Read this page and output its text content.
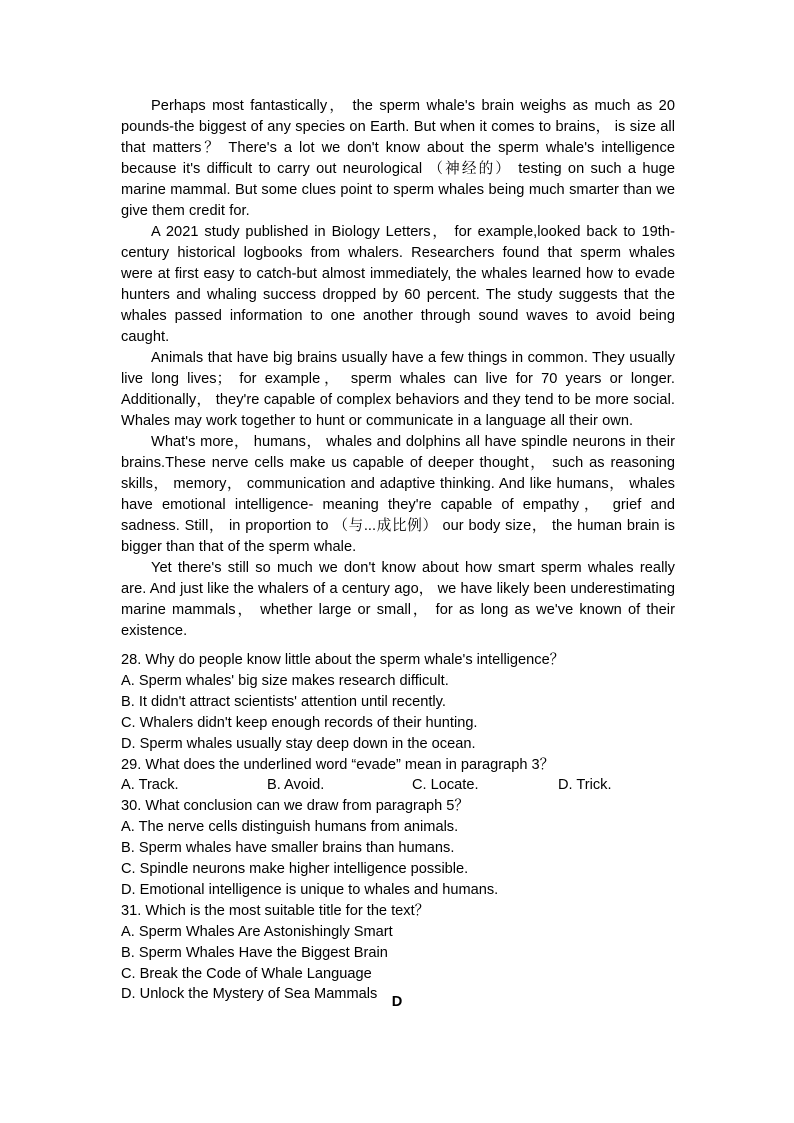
Perhaps most fantastically， the sperm whale's brain weighs as much as 20 pounds-the biggest of any species on Earth. But when it comes to brains， is size all that matters？ There's a lot we don't know about the sperm whale's intelligence because it's difficult to carry out neurological （神经的） testing on such a huge marine mammal. But some clues point to sperm whales being much smarter than we give them credit for.

A 2021 study published in Biology Letters， for example,looked back to 19th-century historical logbooks from whalers. Researchers found that sperm whales were at first easy to catch-but almost immediately, the whales learned how to evade hunters and whaling success dropped by 60 percent. The study suggests that the whales passed information to one another through sound waves to avoid being caught.

Animals that have big brains usually have a few things in common. They usually live long lives； for example， sperm whales can live for 70 years or longer. Additionally， they're capable of complex behaviors and they tend to be more social. Whales may work together to hunt or communicate in a language all their own.

What's more， humans， whales and dolphins all have spindle neurons in their brains.These nerve cells make us capable of deeper thought， such as reasoning skills， memory， communication and adaptive thinking. And like humans， whales have emotional intelligence- meaning they're capable of empathy， grief and sadness. Still， in proportion to （与...成比例） our body size， the human brain is bigger than that of the sperm whale.

Yet there's still so much we don't know about how smart sperm whales really are. And just like the whalers of a century ago， we have likely been underestimating marine mammals， whether large or small， for as long as we've known of their existence.

28. Why do people know little about the sperm whale's intelligence？

A. Sperm whales' big size makes research difficult.

B. It didn't attract scientists' attention until recently.

C. Whalers didn't keep enough records of their hunting.

D. Sperm whales usually stay deep down in the ocean.

29. What does the underlined word “evade” mean in paragraph 3？

A. Track.	B. Avoid.	C. Locate.	D. Trick.

30. What conclusion can we draw from paragraph 5？

A. The nerve cells distinguish humans from animals.

B. Sperm whales have smaller brains than humans.

C. Spindle neurons make higher intelligence possible.

D. Emotional intelligence is unique to whales and humans.

31. Which is the most suitable title for the text？

A. Sperm Whales Are Astonishingly Smart

B. Sperm Whales Have the Biggest Brain

C. Break the Code of Whale Language

D. Unlock the Mystery of Sea Mammals D
